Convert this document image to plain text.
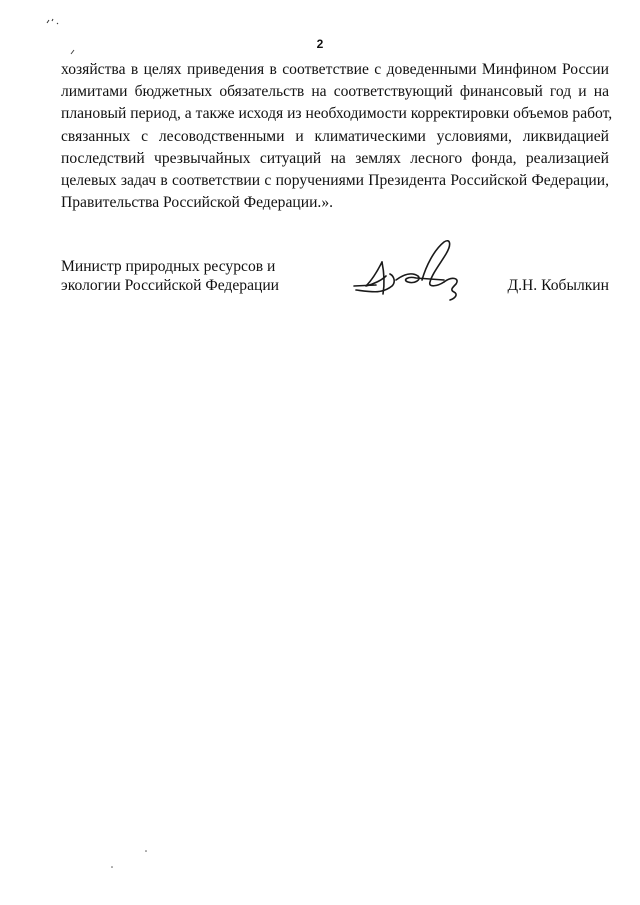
2
хозяйства в целях приведения в соответствие с доведенными Минфином России
лимитами бюджетных обязательств на соответствующий финансовый год и на
плановый период, а также исходя из необходимости корректировки объемов работ,
связанных с лесоводственными и климатическими условиями, ликвидацией
последствий чрезвычайных ситуаций на землях лесного фонда, реализацией
целевых задач в соответствии с поручениями Президента Российской Федерации,
Правительства Российской Федерации.».
Министр природных ресурсов и
экологии Российской Федерации	Д.Н. Кобылкин
